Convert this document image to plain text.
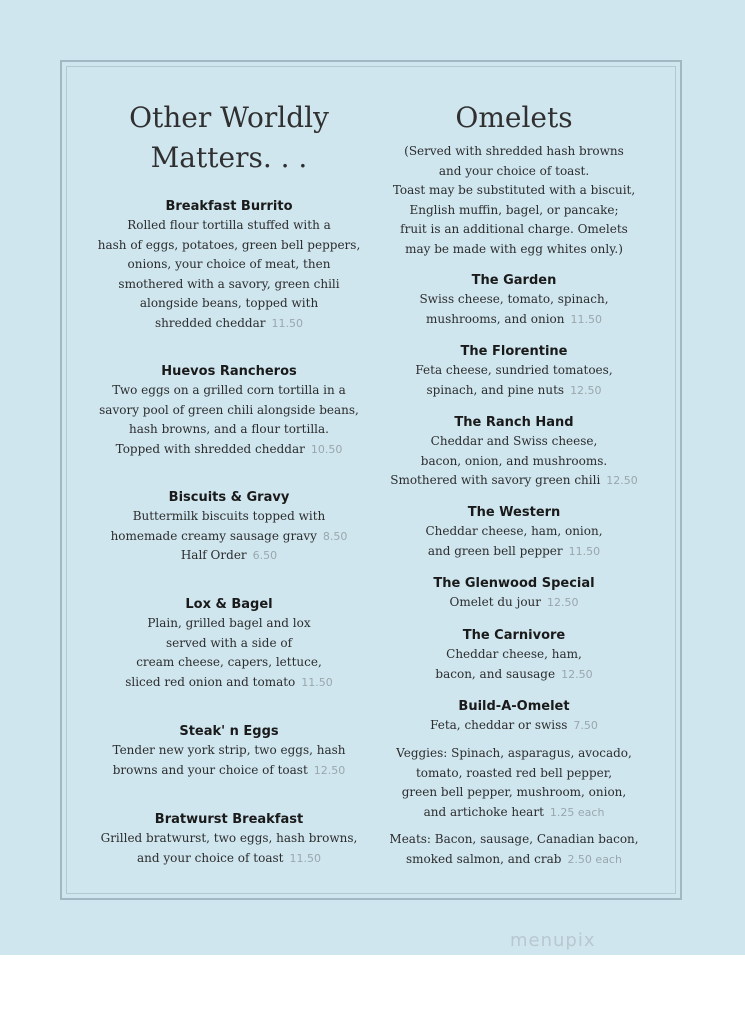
Other Worldly

Matters. . .

Breakfast Burrito

Rolled flour tortilla stuffed with a

hash of eggs, potatoes, green bell peppers,

onions, your choice of meat, then

smothered with a savory, green chili

alongside beans, topped with

shredded cheddar 11.50

Huevos Rancheros

Two eggs on a grilled corn tortilla in a

savory pool of green chili alongside beans,

hash browns, and a flour tortilla.

Topped with shredded cheddar 10.50

Biscuits & Gravy

Buttermilk biscuits topped with

homemade creamy sausage gravy 8.50

Half Order 6.50

Lox & Bagel

Plain, grilled bagel and lox

served with a side of

cream cheese, capers, lettuce,

sliced red onion and tomato 11.50

Steak' n Eggs

Tender new york strip, two eggs, hash

browns and your choice of toast 12.50

Bratwurst Breakfast

Grilled bratwurst, two eggs, hash browns,

and your choice of toast 11.50

Omelets

(Served with shredded hash browns

and your choice of toast.

Toast may be substituted with a biscuit,

English muffin, bagel, or pancake;

fruit is an additional charge. Omelets

may be made with egg whites only.)

The Garden

Swiss cheese, tomato, spinach,

mushrooms, and onion 11.50

The Florentine

Feta cheese, sundried tomatoes,

spinach, and pine nuts 12.50

The Ranch Hand

Cheddar and Swiss cheese,

bacon, onion, and mushrooms.

Smothered with savory green chili 12.50

The Western

Cheddar cheese, ham, onion,

and green bell pepper 11.50

The Glenwood Special

Omelet du jour 12.50

The Carnivore

Cheddar cheese, ham,

bacon, and sausage 12.50

Build-A-Omelet

Feta, cheddar or swiss 7.50

Veggies: Spinach, asparagus, avocado,

tomato, roasted red bell pepper,

green bell pepper, mushroom, onion,

and artichoke heart 1.25 each

Meats: Bacon, sausage, Canadian bacon,

smoked salmon, and crab 2.50 each

menupix
